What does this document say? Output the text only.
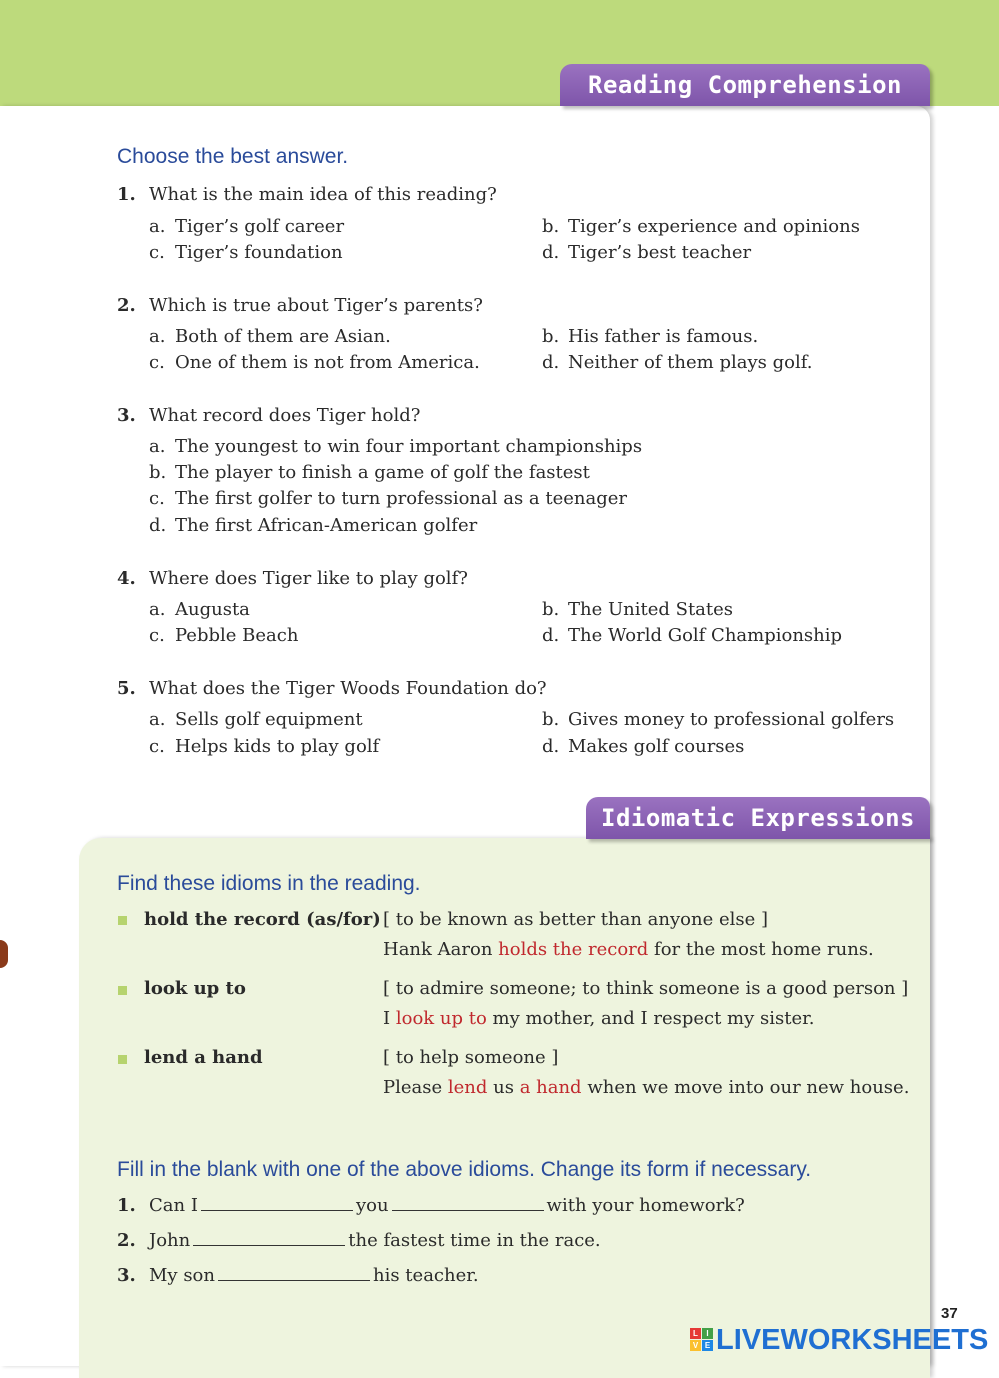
Reading Comprehension
Choose the best answer.
1. What is the main idea of this reading?
a. Tiger’s golf career	b. Tiger’s experience and opinions
c. Tiger’s foundation	d. Tiger’s best teacher
2. Which is true about Tiger’s parents?
a. Both of them are Asian.	b. His father is famous.
c. One of them is not from America.	d. Neither of them plays golf.
3. What record does Tiger hold?
a. The youngest to win four important championships
b. The player to finish a game of golf the fastest
c. The first golfer to turn professional as a teenager
d. The first African-American golfer
4. Where does Tiger like to play golf?
a. Augusta	b. The United States
c. Pebble Beach	d. The World Golf Championship
5. What does the Tiger Woods Foundation do?
a. Sells golf equipment	b. Gives money to professional golfers
c. Helps kids to play golf	d. Makes golf courses
Idiomatic Expressions
Find these idioms in the reading.
hold the record (as/for) [ to be known as better than anyone else ]
Hank Aaron holds the record for the most home runs.
look up to	[ to admire someone; to think someone is a good person ]
I look up to my mother, and I respect my sister.
lend a hand	[ to help someone ]
Please lend us a hand when we move into our new house.
Fill in the blank with one of the above idioms. Change its form if necessary.
1. Can I	you	with your homework?
2. John	the fastest time in the race.
3. My son	his teacher.
37
L	I
V E LIVEWORKSHEETS
